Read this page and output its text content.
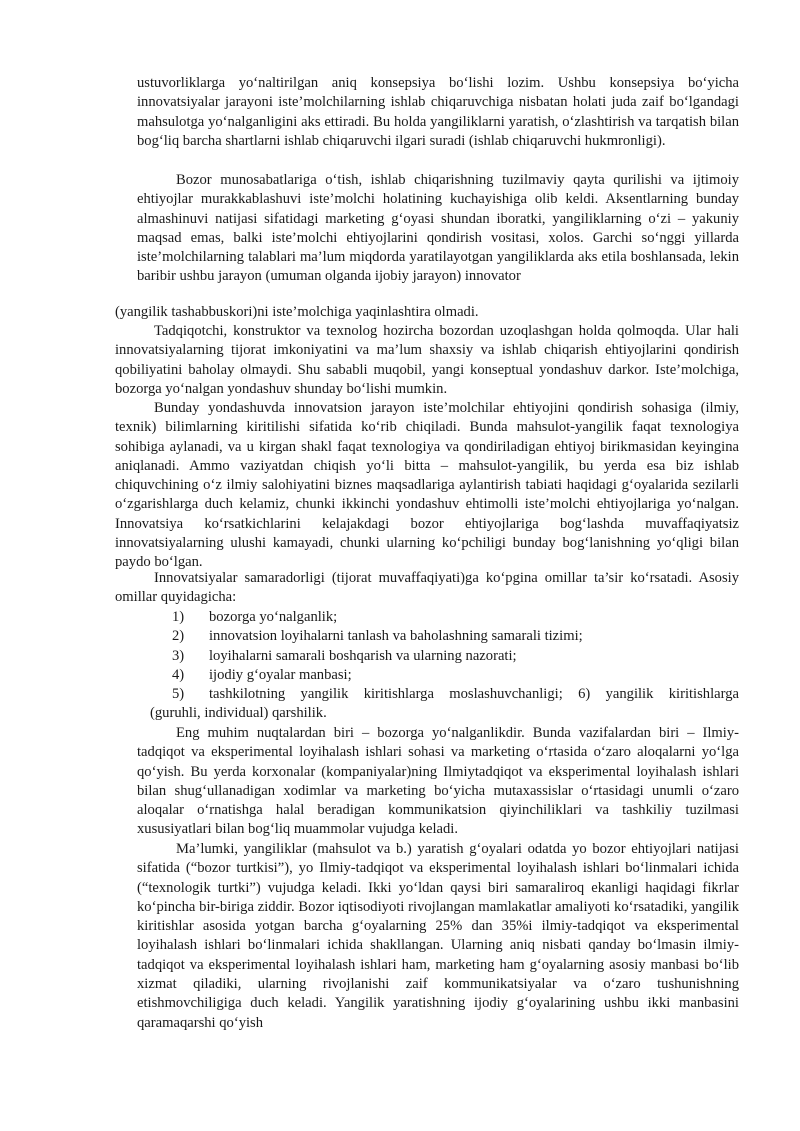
ustuvorliklarga yo‘naltirilgan aniq konsepsiya bo‘lishi lozim. Ushbu konsepsiya bo‘yicha innovatsiyalar jarayoni iste’molchilarning ishlab chiqaruvchiga nisbatan holati juda zaif bo‘lgandagi mahsulotga yo‘nalganligini aks ettiradi. Bu holda yangiliklarni yaratish, o‘zlashtirish va tarqatish bilan bog‘liq barcha shartlarni ishlab chiqaruvchi ilgari suradi (ishlab chiqaruvchi hukmronligi).

Bozor munosabatlariga o‘tish, ishlab chiqarishning tuzilmaviy qayta qurilishi va ijtimoiy ehtiyojlar murakkablashuvi iste’molchi holatining kuchayishiga olib keldi. Aksentlarning bunday almashinuvi natijasi sifatidagi marketing g‘oyasi shundan iboratki, yangiliklarning o‘zi – yakuniy maqsad emas, balki iste’molchi ehtiyojlarini qondirish vositasi, xolos. Garchi so‘nggi yillarda iste’molchilarning talablari ma’lum miqdorda yaratilayotgan yangiliklarda aks etila boshlansada, lekin baribir ushbu jarayon (umuman olganda ijobiy jarayon) innovator

(yangilik tashabbuskori)ni iste’molchiga yaqinlashtira olmadi.

Tadqiqotchi, konstruktor va texnolog hozircha bozordan uzoqlashgan holda qolmoqda. Ular hali innovatsiyalarning tijorat imkoniyatini va ma’lum shaxsiy va ishlab chiqarish ehtiyojlarini qondirish qobiliyatini baholay olmaydi. Shu sababli muqobil, yangi konseptual yondashuv darkor. Iste’molchiga, bozorga yo‘nalgan yondashuv shunday bo‘lishi mumkin.

Bunday yondashuvda innovatsion jarayon iste’molchilar ehtiyojini qondirish sohasiga (ilmiy, texnik) bilimlarning kiritilishi sifatida ko‘rib chiqiladi. Bunda mahsulot-yangilik faqat texnologiya sohibiga aylanadi, va u kirgan shakl faqat texnologiya va qondiriladigan ehtiyoj birikmasidan keyingina aniqlanadi. Ammo vaziyatdan chiqish yo‘li bitta – mahsulot-yangilik, bu yerda esa biz ishlab chiquvchining o‘z ilmiy salohiyatini biznes maqsadlariga aylantirish tabiati haqidagi g‘oyalarida sezilarli o‘zgarishlarga duch kelamiz, chunki ikkinchi yondashuv ehtimolli iste’molchi ehtiyojlariga yo‘nalgan. Innovatsiya ko‘rsatkichlarini kelajakdagi bozor ehtiyojlariga bog‘lashda muvaffaqiyatsiz innovatsiyalarning ulushi kamayadi, chunki ularning ko‘pchiligi bunday bog‘lanishning yo‘qligi bilan paydo bo‘lgan.

Innovatsiyalar samaradorligi (tijorat muvaffaqiyati)ga ko‘pgina omillar ta’sir ko‘rsatadi. Asosiy omillar quyidagicha:

1)	bozorga yo‘nalganlik;
2)	innovatsion loyihalarni tanlash va baholashning samarali tizimi;
3)	loyihalarni samarali boshqarish va ularning nazorati;
4)	ijodiy g‘oyalar manbasi;
5) tashkilotning yangilik kiritishlarga moslashuvchanligi; 6) yangilik kiritishlarga
(guruhli, individual) qarshilik.

Eng muhim nuqtalardan biri – bozorga yo‘nalganlikdir. Bunda vazifalardan biri – Ilmiy-tadqiqot va eksperimental loyihalash ishlari sohasi va marketing o‘rtasida o‘zaro aloqalarni yo‘lga qo‘yish. Bu yerda korxonalar (kompaniyalar)ning Ilmiytadqiqot va eksperimental loyihalash ishlari bilan shug‘ullanadigan xodimlar va marketing bo‘yicha mutaxassislar o‘rtasidagi unumli o‘zaro aloqalar o‘rnatishga halal beradigan kommunikatsion qiyinchiliklari va tashkiliy tuzilmasi xususiyatlari bilan bog‘liq muammolar vujudga keladi.

Ma’lumki, yangiliklar (mahsulot va b.) yaratish g‘oyalari odatda yo bozor ehtiyojlari natijasi sifatida (“bozor turtkisi”), yo Ilmiy-tadqiqot va eksperimental loyihalash ishlari bo‘linmalari ichida (“texnologik turtki”) vujudga keladi. Ikki yo‘ldan qaysi biri samaraliroq ekanligi haqidagi fikrlar ko‘pincha bir-biriga ziddir. Bozor iqtisodiyoti rivojlangan mamlakatlar amaliyoti ko‘rsatadiki, yangilik kiritishlar asosida yotgan barcha g‘oyalarning 25% dan 35%i ilmiy-tadqiqot va eksperimental loyihalash ishlari bo‘linmalari ichida shakllangan. Ularning aniq nisbati qanday bo‘lmasin ilmiy-tadqiqot va eksperimental loyihalash ishlari ham, marketing ham g‘oyalarning asosiy manbasi bo‘lib xizmat qiladiki, ularning rivojlanishi zaif kommunikatsiyalar va o‘zaro tushunishning etishmovchiligiga duch keladi. Yangilik yaratishning ijodiy g‘oyalarining ushbu ikki manbasini qaramaqarshi qo‘yish
